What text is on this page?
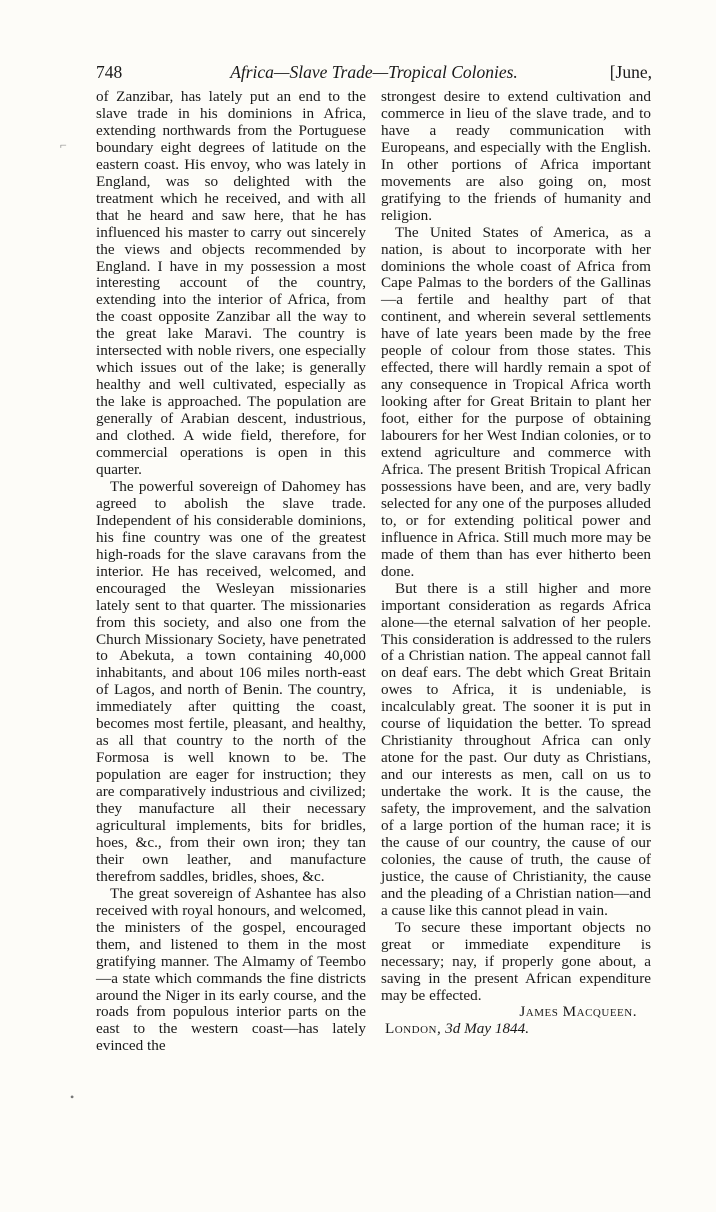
748	Africa—Slave Trade—Tropical Colonies.	[June,

of Zanzibar, has lately put an end to the slave trade in his dominions in Africa, extending northwards from the Portuguese boundary eight degrees of latitude on the eastern coast. His envoy, who was lately in England, was so delighted with the treatment which he received, and with all that he heard and saw here, that he has influenced his master to carry out sincerely the views and objects recommended by England. I have in my possession a most interesting account of the country, extending into the interior of Africa, from the coast opposite Zanzibar all the way to the great lake Maravi. The country is intersected with noble rivers, one especially which issues out of the lake; is generally healthy and well cultivated, especially as the lake is approached. The population are generally of Arabian descent, industrious, and clothed. A wide field, therefore, for commercial operations is open in this quarter.

The powerful sovereign of Dahomey has agreed to abolish the slave trade. Independent of his considerable dominions, his fine country was one of the greatest high-roads for the slave caravans from the interior. He has received, welcomed, and encouraged the Wesleyan missionaries lately sent to that quarter. The missionaries from this society, and also one from the Church Missionary Society, have penetrated to Abekuta, a town containing 40,000 inhabitants, and about 106 miles north-east of Lagos, and north of Benin. The country, immediately after quitting the coast, becomes most fertile, pleasant, and healthy, as all that country to the north of the Formosa is well known to be. The population are eager for instruction; they are comparatively industrious and civilized; they manufacture all their necessary agricultural implements, bits for bridles, hoes, &c., from their own iron; they tan their own leather, and manufacture therefrom saddles, bridles, shoes, &c.

The great sovereign of Ashantee has also received with royal honours, and welcomed, the ministers of the gospel, encouraged them, and listened to them in the most gratifying manner. The Almamy of Teembo—a state which commands the fine districts around the Niger in its early course, and the roads from populous interior parts on the east to the western coast—has lately evinced the

strongest desire to extend cultivation and commerce in lieu of the slave trade, and to have a ready communication with Europeans, and especially with the English. In other portions of Africa important movements are also going on, most gratifying to the friends of humanity and religion.

The United States of America, as a nation, is about to incorporate with her dominions the whole coast of Africa from Cape Palmas to the borders of the Gallinas—a fertile and healthy part of that continent, and wherein several settlements have of late years been made by the free people of colour from those states. This effected, there will hardly remain a spot of any consequence in Tropical Africa worth looking after for Great Britain to plant her foot, either for the purpose of obtaining labourers for her West Indian colonies, or to extend agriculture and commerce with Africa. The present British Tropical African possessions have been, and are, very badly selected for any one of the purposes alluded to, or for extending political power and influence in Africa. Still much more may be made of them than has ever hitherto been done.

But there is a still higher and more important consideration as regards Africa alone—the eternal salvation of her people. This consideration is addressed to the rulers of a Christian nation. The appeal cannot fall on deaf ears. The debt which Great Britain owes to Africa, it is undeniable, is incalculably great. The sooner it is put in course of liquidation the better. To spread Christianity throughout Africa can only atone for the past. Our duty as Christians, and our interests as men, call on us to undertake the work. It is the cause, the safety, the improvement, and the salvation of a large portion of the human race; it is the cause of our country, the cause of our colonies, the cause of truth, the cause of justice, the cause of Christianity, the cause and the pleading of a Christian nation—and a cause like this cannot plead in vain.

To secure these important objects no great or immediate expenditure is necessary; nay, if properly gone about, a saving in the present African expenditure may be effected.

James Macqueen.

London, 3d May 1844.

⌐
•
